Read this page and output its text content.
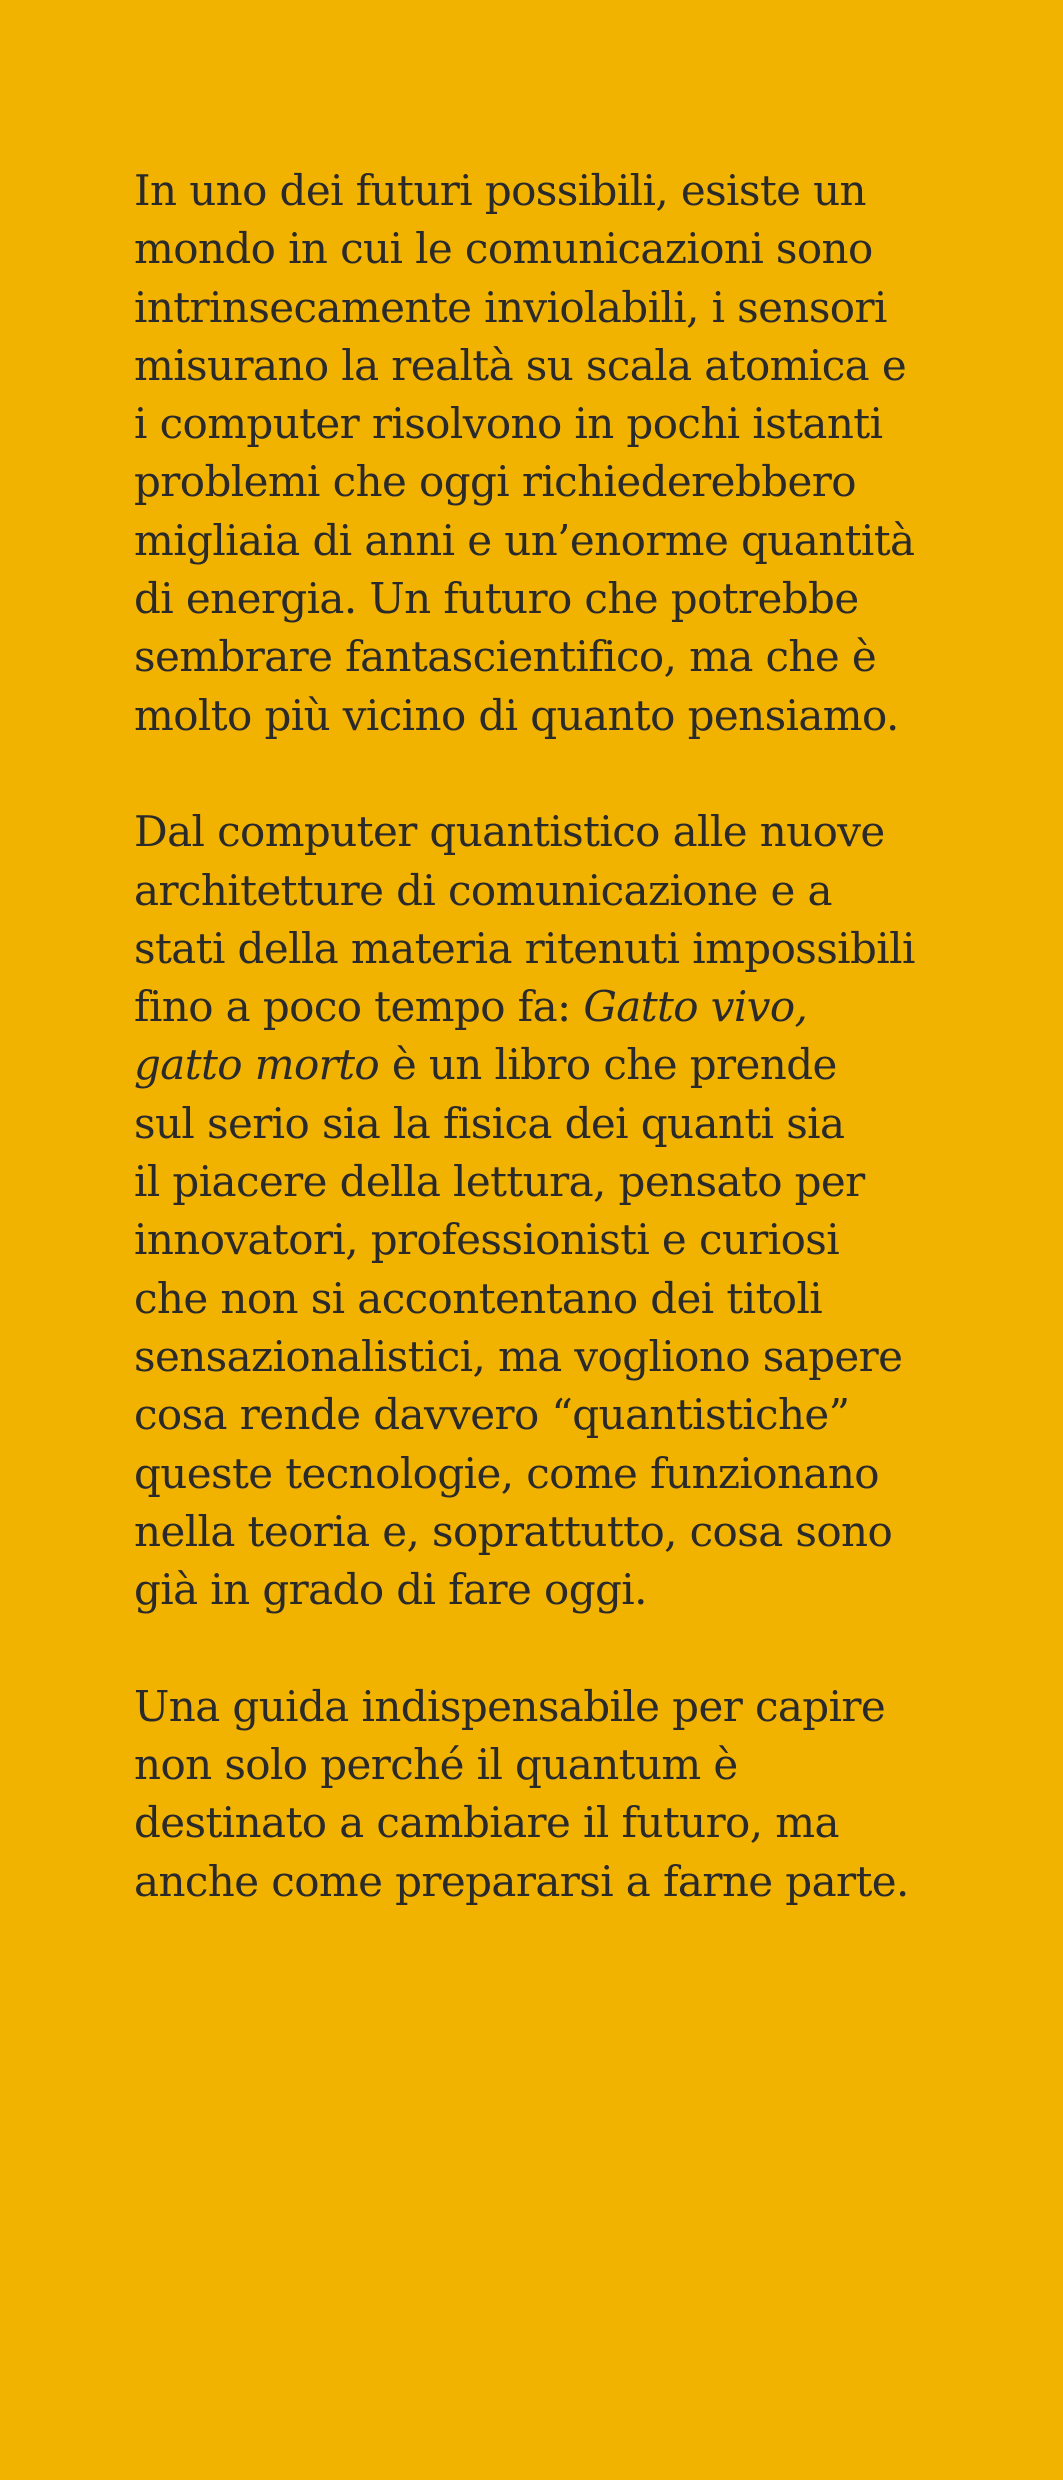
In uno dei futuri possibili, esiste un
mondo in cui le comunicazioni sono
intrinsecamente inviolabili, i sensori
misurano la realtà su scala atomica e
i computer risolvono in pochi istanti
problemi che oggi richiederebbero
migliaia di anni e un’enorme quantità
di energia. Un futuro che potrebbe
sembrare fantascientifico, ma che è
molto più vicino di quanto pensiamo.
Dal computer quantistico alle nuove
architetture di comunicazione e a
stati della materia ritenuti impossibili
fino a poco tempo fa: Gatto vivo,
gatto morto è un libro che prende
sul serio sia la fisica dei quanti sia
il piacere della lettura, pensato per
innovatori, professionisti e curiosi
che non si accontentano dei titoli
sensazionalistici, ma vogliono sapere
cosa rende davvero “quantistiche”
queste tecnologie, come funzionano
nella teoria e, soprattutto, cosa sono
già in grado di fare oggi.
Una guida indispensabile per capire
non solo perché il quantum è
destinato a cambiare il futuro, ma
anche come prepararsi a farne parte.
